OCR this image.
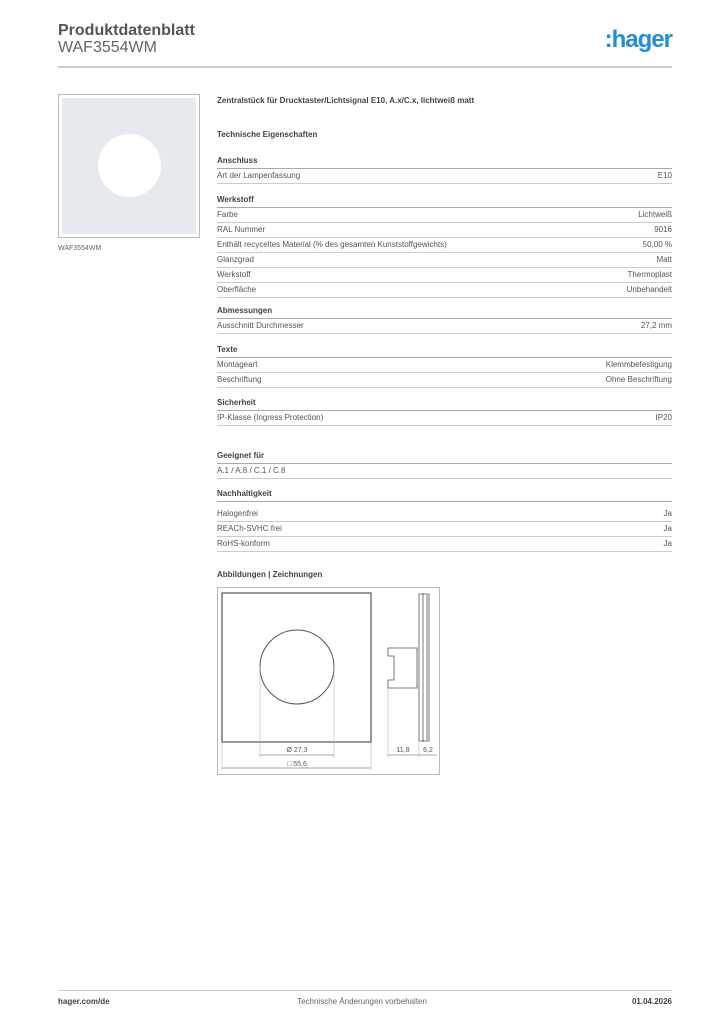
Produktdatenblatt
WAF3554WM	:hager
WAF3554WM
Zentralstück für Drucktaster/Lichtsignal E10, A.x/C.x, lichtweiß matt
Technische Eigenschaften
Anschluss
Art der Lampenfassung	E10
Werkstoff
Farbe	Lichtweiß
RAL Nummer	9016
Enthält recyceltes Material (% des gesamten Kunststoffgewichts)	50,00 %
Glanzgrad	Matt
Werkstoff	Thermoplast
Oberfläche	Unbehandelt
Abmessungen
Ausschnitt Durchmesser	27,2 mm
Texte
Montageart	Klemmbefestigung
Beschriftung	Ohne Beschriftung
Sicherheit
IP-Klasse (Ingress Protection)	IP20
Geeignet für
A.1 / A.8 / C.1 / C.8
Nachhaltigkeit
Halogenfrei	Ja
REACh-SVHC frei	Ja
RoHS-konform	Ja
Abbildungen | Zeichnungen
Ø 27,3
□ 55,6
11,8 6,2
hager.com/de	Technische Änderungen vorbehalten	01.04.2026
